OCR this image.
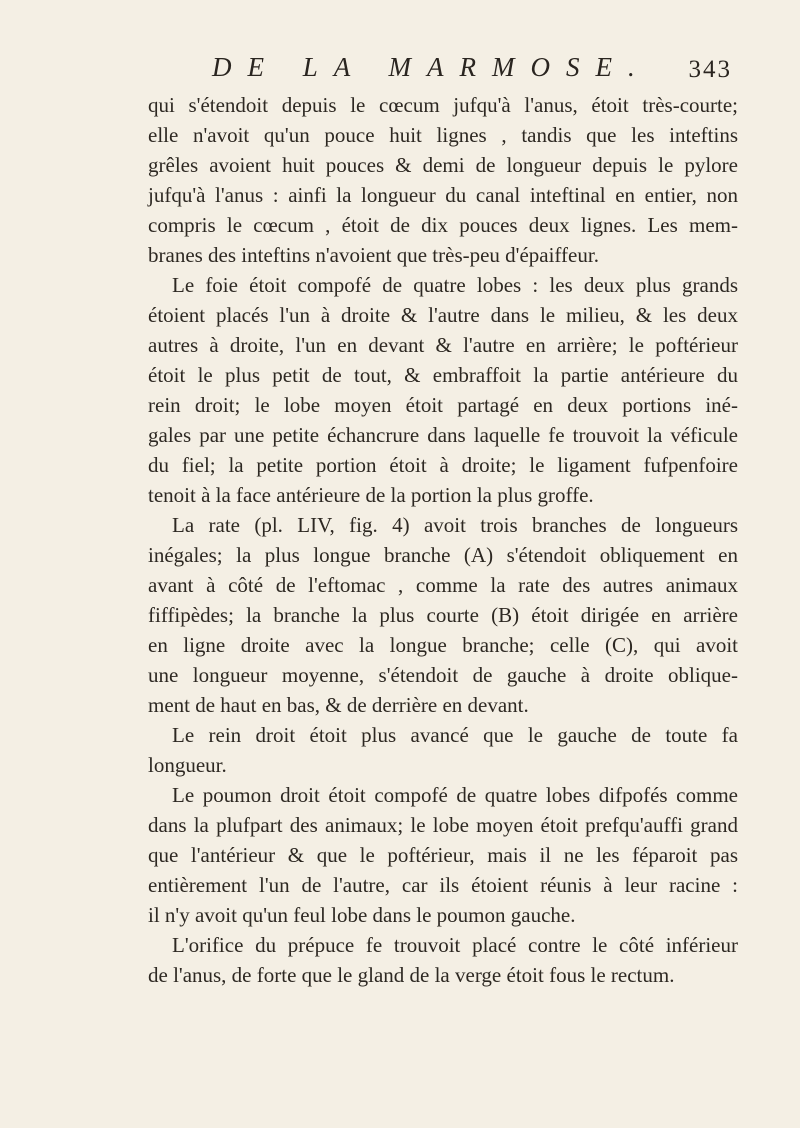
DE LA MARMOSE. 343
qui s'étendoit depuis le cœcum jufqu'à l'anus, étoit très-courte;
elle n'avoit qu'un pouce huit lignes , tandis que les inteftins
grêles avoient huit pouces & demi de longueur depuis le pylore
jufqu'à l'anus : ainfi la longueur du canal inteftinal en entier, non
compris le cœcum , étoit de dix pouces deux lignes. Les mem-
branes des inteftins n'avoient que très-peu d'épaiffeur.
Le foie étoit compofé de quatre lobes : les deux plus grands
étoient placés l'un à droite & l'autre dans le milieu, & les deux
autres à droite, l'un en devant & l'autre en arrière; le poftérieur
étoit le plus petit de tout, & embraffoit la partie antérieure du
rein droit; le lobe moyen étoit partagé en deux portions iné-
gales par une petite échancrure dans laquelle fe trouvoit la véficule
du fiel; la petite portion étoit à droite; le ligament fufpenfoire
tenoit à la face antérieure de la portion la plus groffe.
La rate (pl. LIV, fig. 4) avoit trois branches de longueurs
inégales; la plus longue branche (A) s'étendoit obliquement en
avant à côté de l'eftomac , comme la rate des autres animaux
fiffipèdes; la branche la plus courte (B) étoit dirigée en arrière
en ligne droite avec la longue branche; celle (C), qui avoit
une longueur moyenne, s'étendoit de gauche à droite oblique-
ment de haut en bas, & de derrière en devant.
Le rein droit étoit plus avancé que le gauche de toute fa
longueur.
Le poumon droit étoit compofé de quatre lobes difpofés comme
dans la plufpart des animaux; le lobe moyen étoit prefqu'auffi grand
que l'antérieur & que le poftérieur, mais il ne les féparoit pas
entièrement l'un de l'autre, car ils étoient réunis à leur racine :
il n'y avoit qu'un feul lobe dans le poumon gauche.
L'orifice du prépuce fe trouvoit placé contre le côté inférieur
de l'anus, de forte que le gland de la verge étoit fous le rectum.
